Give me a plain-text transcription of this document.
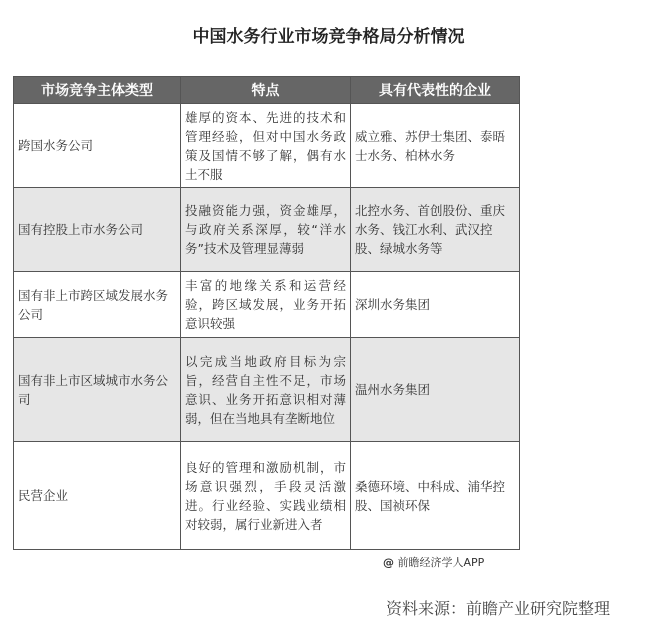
中国水务行业市场竞争格局分析情况
市场竞争主体类型	特点	具有代表性的企业
跨国水务公司	雄厚的资本、先进的技术和管理经验，但对中国水务政策及国情不够了解，偶有水土不服	威立雅、苏伊士集团、泰晤士水务、柏林水务
国有控股上市水务公司	投融资能力强，资金雄厚，与政府关系深厚，较“洋水务”技术及管理显薄弱	北控水务、首创股份、重庆水务、钱江水利、武汉控股、绿城水务等
国有非上市跨区域发展水务公司	丰富的地缘关系和运营经验，跨区域发展，业务开拓意识较强	深圳水务集团
国有非上市区域城市水务公司	以完成当地政府目标为宗旨，经营自主性不足，市场意识、业务开拓意识相对薄弱，但在当地具有垄断地位	温州水务集团
民营企业	良好的管理和激励机制，市场意识强烈，手段灵活激进。行业经验、实践业绩相对较弱，属行业新进入者	桑德环境、中科成、浦华控股、国祯环保
@ 前瞻经济学人APP
资料来源：前瞻产业研究院整理
